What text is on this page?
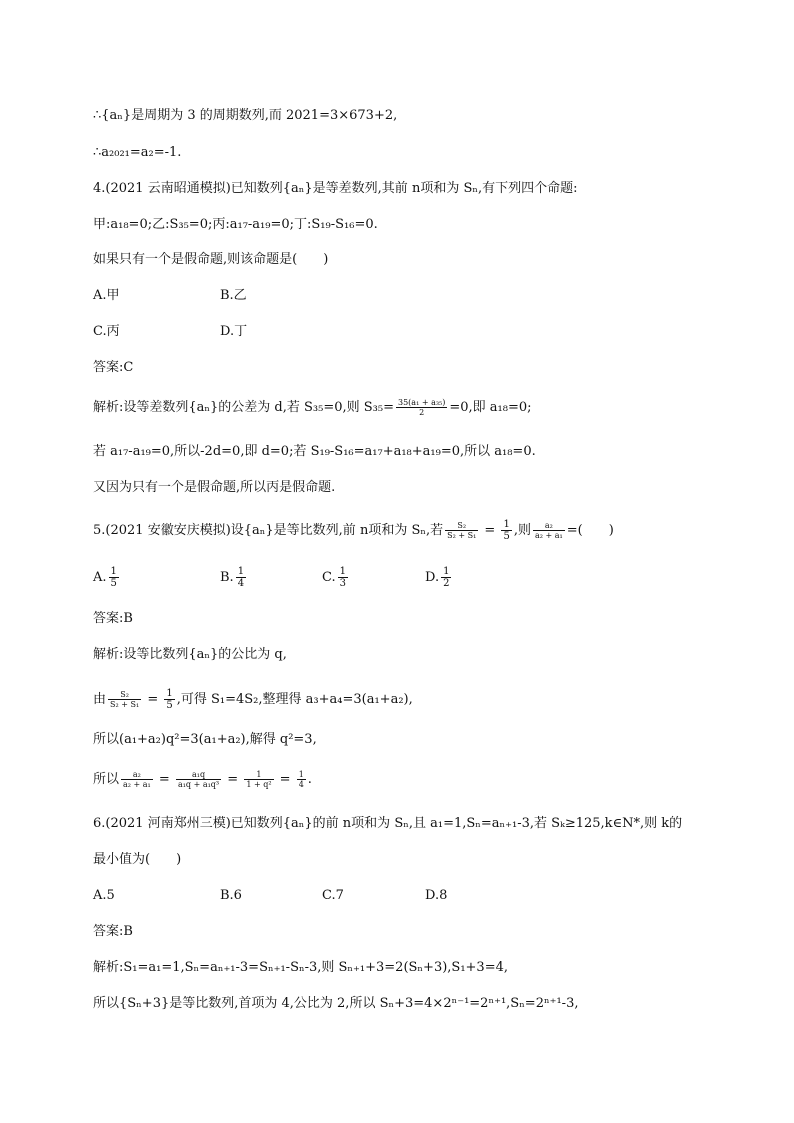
∴{aₙ}是周期为 3 的周期数列,而 2021=3×673+2,
∴a₂₀₂₁=a₂=-1.
4.(2021 云南昭通模拟)已知数列{aₙ}是等差数列,其前 n项和为 Sₙ,有下列四个命题:
甲:a₁₈=0;乙:S₃₅=0;丙:a₁₇-a₁₉=0;丁:S₁₉-S₁₆=0.
如果只有一个是假命题,则该命题是(　　)
A.甲	B.乙
C.丙	D.丁
答案:C
解析:设等差数列{aₙ}的公差为 d,若 S₃₅=0,则 $S_{35}= \frac{\text{35(a₁ + a₃₅)}}{2} =0$,即 a₁₈=0;
若 a₁₇-a₁₉=0,所以-2d=0,即 d=0;若 S₁₉-S₁₆=a₁₇+a₁₈+a₁₉=0,所以 a₁₈=0.
又因为只有一个是假命题,所以丙是假命题.
5.(2021 安徽安庆模拟)设{aₙ}是等比数列,前 n项和为 Sₙ,若 $\frac{\text{S₂}}{\text{S₂ + S₁}} = \frac{1}{5}$ ,则 $\frac{\text{a₂}}{\text{a₂ + a₁}}$ =(　　)
A. $\frac{1}{5}$	B. $\frac{1}{4}$	C. $\frac{1}{3}$	D. $\frac{1}{2}$
答案:B
解析:设等比数列{aₙ}的公比为 q,
由 $\frac{\text{S₂}}{\text{S₂ + S₁}} = \frac{1}{5}$ ,可得 S₁=4S₂,整理得 a₃+a₄=3(a₁+a₂),
所以(a₁+a₂)q²=3(a₁+a₂),解得 q²=3,
所以 $\frac{\text{a₂}}{\text{a₂ + a₁}} = \frac{\text{a₁q}}{\text{a₁q + a₁q³}} = \frac{1}{\text{1 + q²}} = \frac{1}{4}$ .
6.(2021 河南郑州三模)已知数列{aₙ}的前 n项和为 Sₙ,且 a₁=1,Sₙ=aₙ₊₁-3,若 Sₖ≥125,k∈N*,则 k的
最小值为(　　)
A.5	B.6	C.7	D.8
答案:B
解析:S₁=a₁=1,Sₙ=aₙ₊₁-3=Sₙ₊₁-Sₙ-3,则 Sₙ₊₁+3=2(Sₙ+3),S₁+3=4,
所以{Sₙ+3}是等比数列,首项为 4,公比为 2,所以 Sₙ+3=4×2ⁿ⁻¹=2ⁿ⁺¹,Sₙ=2ⁿ⁺¹-3,
